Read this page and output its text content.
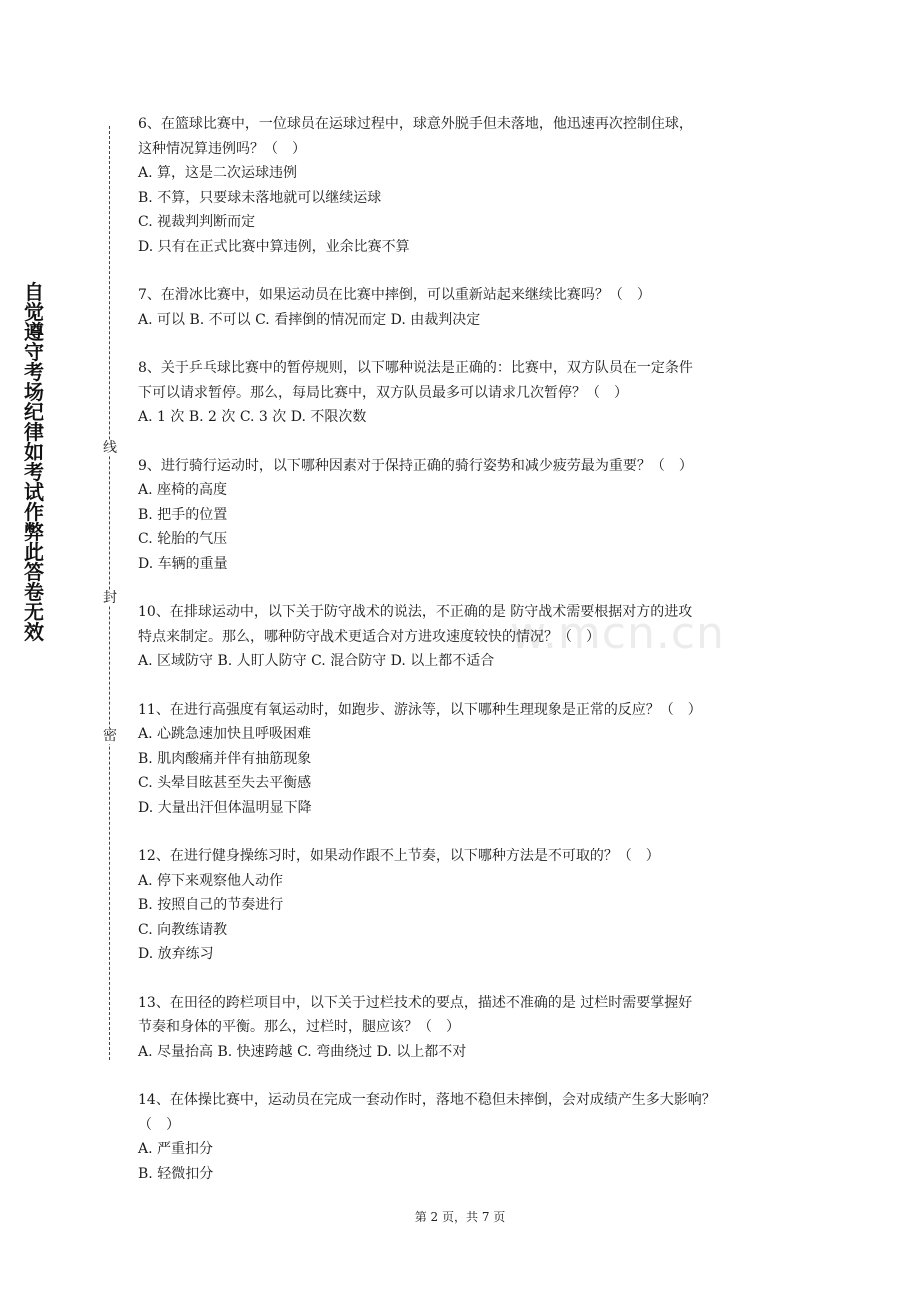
自
觉
遵
守
考
场
纪
律
如
考
试
作
弊
此
答
卷
无
效
线
封
密
w.mcn.cn

6、在篮球比赛中，一位球员在运球过程中，球意外脱手但未落地，他迅速再次控制住球，

这种情况算违例吗？（　）

A. 算，这是二次运球违例

B. 不算，只要球未落地就可以继续运球

C. 视裁判判断而定

D. 只有在正式比赛中算违例，业余比赛不算

7、在滑冰比赛中，如果运动员在比赛中摔倒，可以重新站起来继续比赛吗？（　）

A. 可以 B. 不可以 C. 看摔倒的情况而定 D. 由裁判决定

8、关于乒乓球比赛中的暂停规则，以下哪种说法是正确的：比赛中，双方队员在一定条件

下可以请求暂停。那么，每局比赛中，双方队员最多可以请求几次暂停？（　）

A. 1 次 B. 2 次 C. 3 次 D. 不限次数

9、进行骑行运动时，以下哪种因素对于保持正确的骑行姿势和减少疲劳最为重要？（　）

A. 座椅的高度

B. 把手的位置

C. 轮胎的气压

D. 车辆的重量

10、在排球运动中，以下关于防守战术的说法，不正确的是 防守战术需要根据对方的进攻

特点来制定。那么，哪种防守战术更适合对方进攻速度较快的情况？（　）

A. 区域防守 B. 人盯人防守 C. 混合防守 D. 以上都不适合

11、在进行高强度有氧运动时，如跑步、游泳等，以下哪种生理现象是正常的反应？（　）

A. 心跳急速加快且呼吸困难

B. 肌肉酸痛并伴有抽筋现象

C. 头晕目眩甚至失去平衡感

D. 大量出汗但体温明显下降

12、在进行健身操练习时，如果动作跟不上节奏，以下哪种方法是不可取的？（　）

A. 停下来观察他人动作

B. 按照自己的节奏进行

C. 向教练请教

D. 放弃练习

13、在田径的跨栏项目中，以下关于过栏技术的要点，描述不准确的是 过栏时需要掌握好

节奏和身体的平衡。那么，过栏时，腿应该？（　）

A. 尽量抬高 B. 快速跨越 C. 弯曲绕过 D. 以上都不对

14、在体操比赛中，运动员在完成一套动作时，落地不稳但未摔倒，会对成绩产生多大影响？

（　）

A. 严重扣分

B. 轻微扣分

第 2 页，共 7 页
